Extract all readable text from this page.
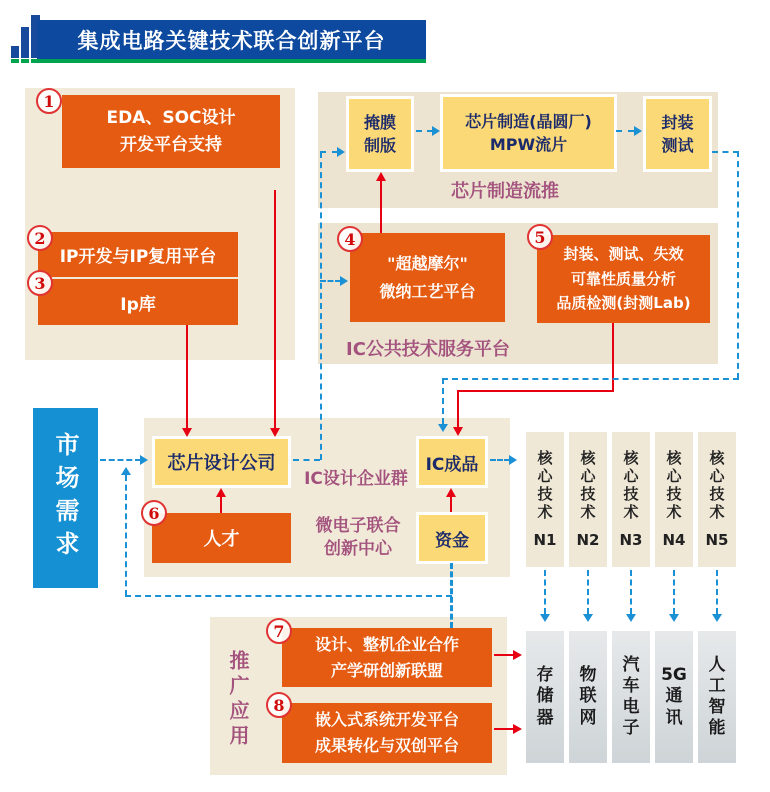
集成电路关键技术联合创新平台
EDA、SOC设计
开发平台支持
1
IP开发与IP复用平台
2
Ip库
3
掩膜
制版
芯片制造(晶圆厂)
MPW流片
封装
测试
芯片制造流推
"超越摩尔"
微纳工艺平台
4
封装、测试、失效
可靠性质量分析
品质检测(封测Lab)
5
IC公共技术服务平台
市场需求	芯片设计公司
IC设计企业群
人才
6
微电子联合
创新中心
IC成品
资金
核心技术
N1
核心技术
N2
核心技术
N3
核心技术
N4
核心技术
N5
推广应用
设计、整机企业合作
产学研创新联盟
7
嵌入式系统开发平台
成果转化与双创平台
8
存
储
器
物
联
网
汽
车
电
子
5G
通
讯
人
工
智
能
